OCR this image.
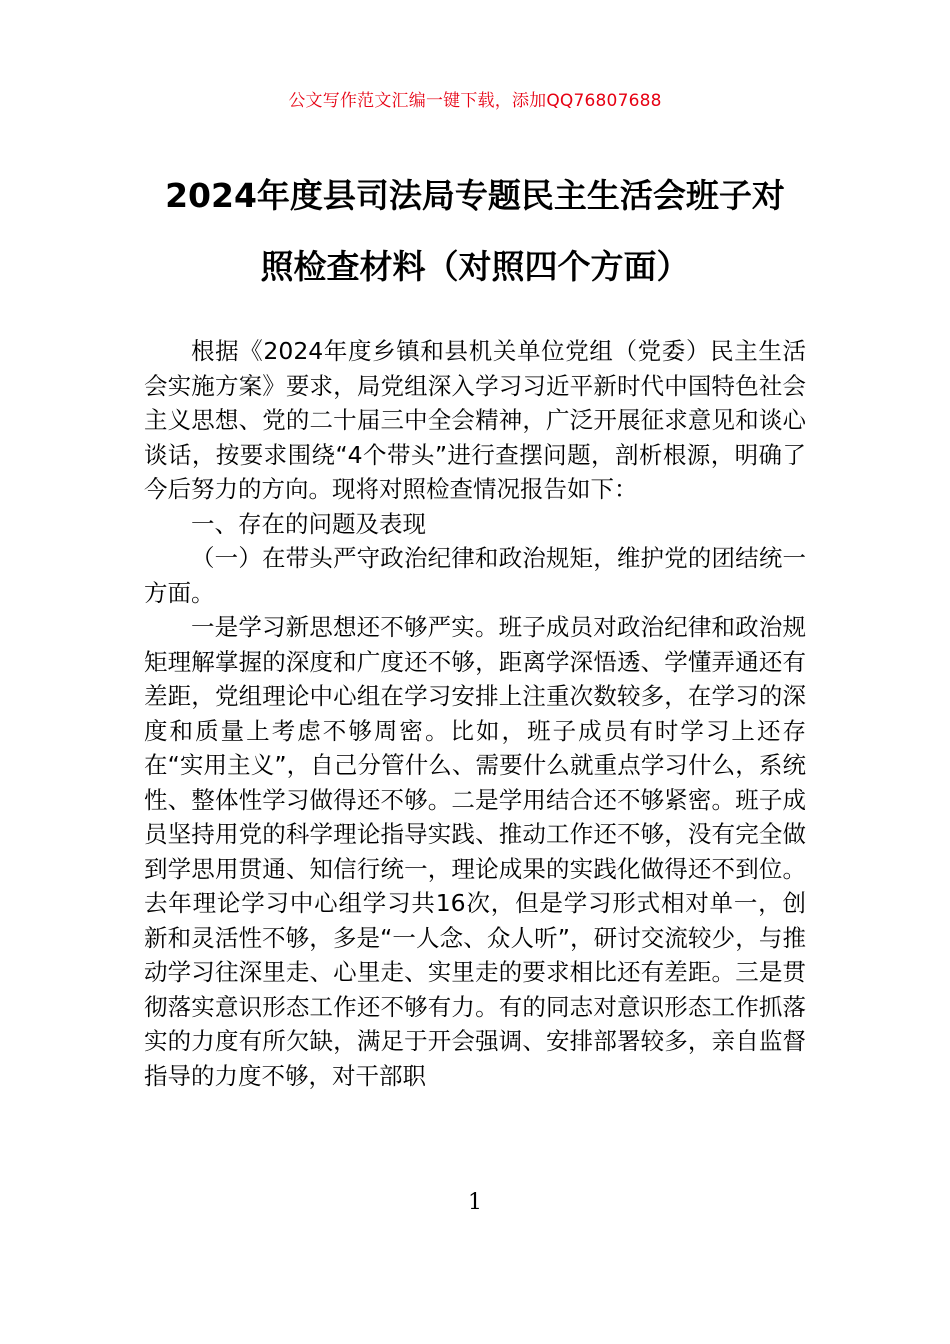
公文写作范文汇编一键下载，添加QQ76807688
2024年度县司法局专题民主生活会班子对
照检查材料（对照四个方面）

根据《2024年度乡镇和县机关单位党组（党委）民主生活会实施方案》要求，局党组深入学习习近平新时代中国特色社会主义思想、党的二十届三中全会精神，广泛开展征求意见和谈心谈话，按要求围绕“4个带头”进行查摆问题，剖析根源，明确了今后努力的方向。现将对照检查情况报告如下：

一、存在的问题及表现

（一）在带头严守政治纪律和政治规矩，维护党的团结统一方面。

一是学习新思想还不够严实。班子成员对政治纪律和政治规矩理解掌握的深度和广度还不够，距离学深悟透、学懂弄通还有差距，党组理论中心组在学习安排上注重次数较多，在学习的深度和质量上考虑不够周密。比如，班子成员有时学习上还存在“实用主义”，自己分管什么、需要什么就重点学习什么，系统性、整体性学习做得还不够。二是学用结合还不够紧密。班子成员坚持用党的科学理论指导实践、推动工作还不够，没有完全做到学思用贯通、知信行统一，理论成果的实践化做得还不到位。去年理论学习中心组学习共16次，但是学习形式相对单一，创新和灵活性不够，多是“一人念、众人听”，研讨交流较少，与推动学习往深里走、心里走、实里走的要求相比还有差距。三是贯彻落实意识形态工作还不够有力。有的同志对意识形态工作抓落实的力度有所欠缺，满足于开会强调、安排部署较多，亲自监督指导的力度不够，对干部职

1
